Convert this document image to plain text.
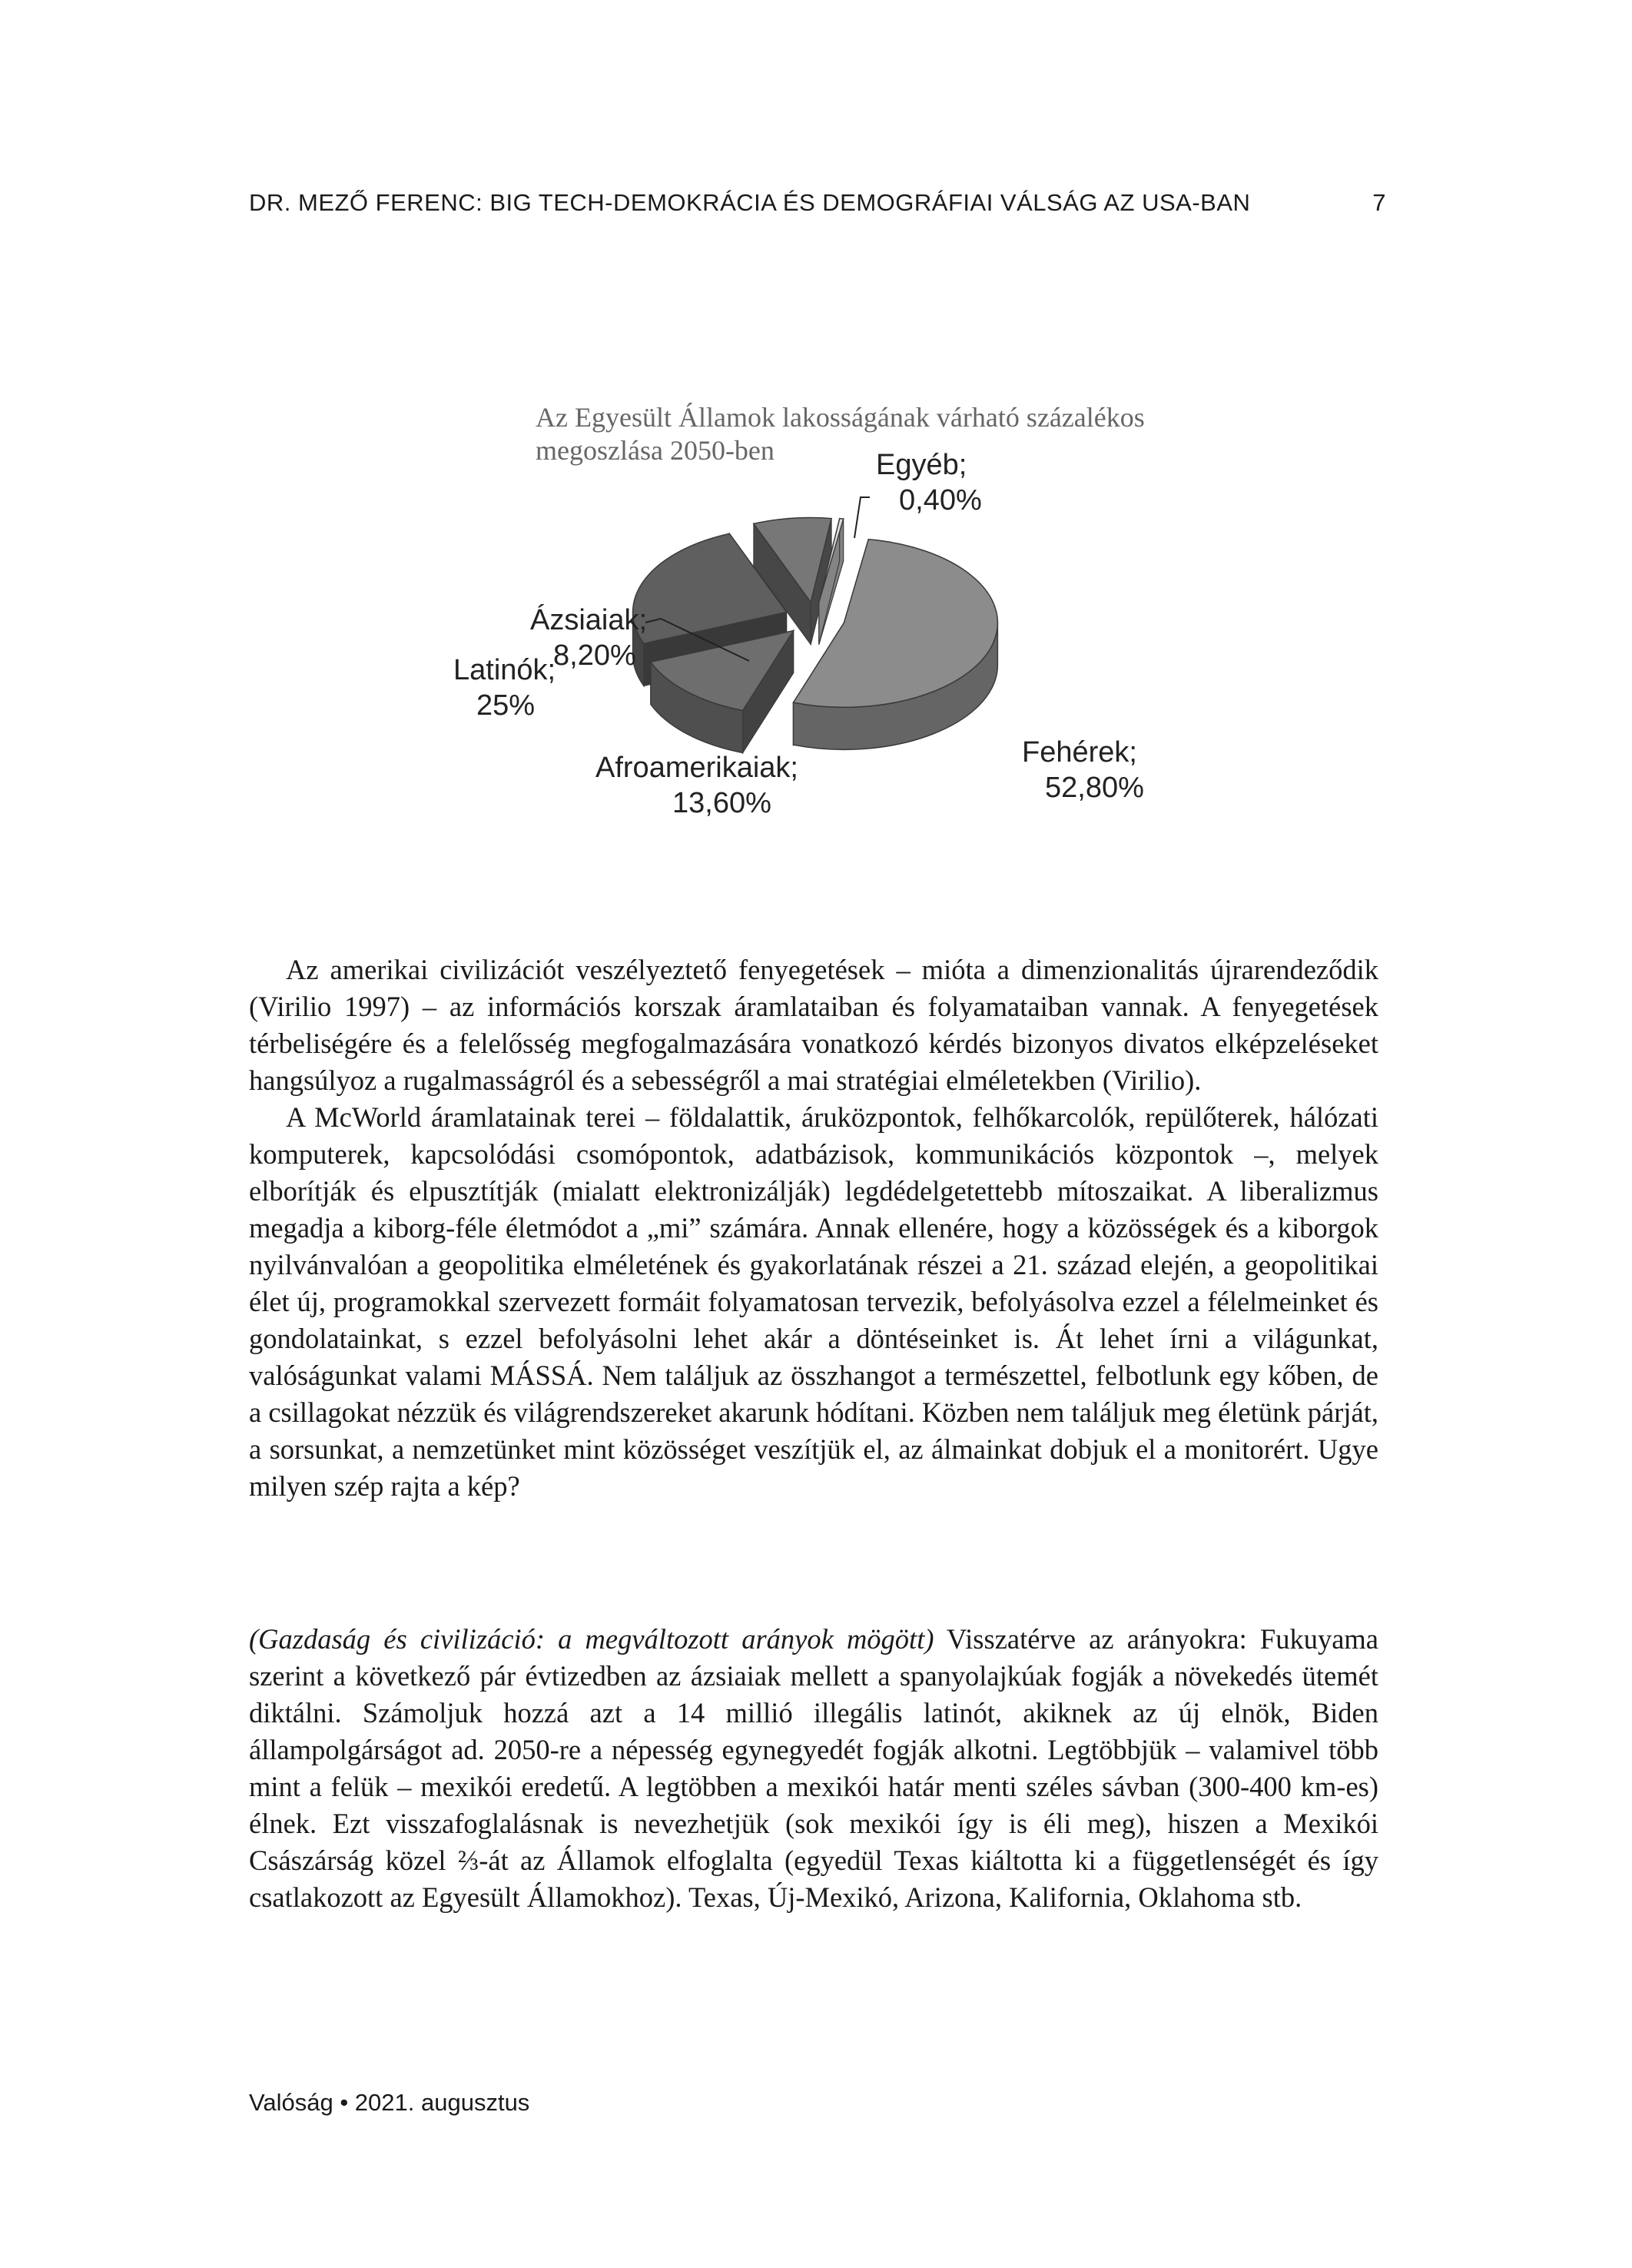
DR. MEZŐ FERENC: BIG TECH-DEMOKRÁCIA ÉS DEMOGRÁFIAI VÁLSÁG AZ USA-BAN	7
Az Egyesült Államok lakosságának várható százalékos
megoszlása 2050-ben
Fehérek; 52,80%
Afroamerikaiak; 13,60%
Latinók; 25%
Ázsiaiak; 8,20%
Egyéb; 0,40%

Az amerikai civilizációt veszélyeztető fenyegetések – mióta a dimenzionalitás újrarendeződik (Virilio 1997) – az információs korszak áramlataiban és folyamataiban vannak. A fenyegetések térbeliségére és a felelősség megfogalmazására vonatkozó kérdés bizonyos divatos elképzeléseket hangsúlyoz a rugalmasságról és a sebességről a mai stratégiai elméletekben (Virilio).

A McWorld áramlatainak terei – földalattik, áruközpontok, felhőkarcolók, repülőterek, hálózati komputerek, kapcsolódási csomópontok, adatbázisok, kommunikációs központok –, melyek elborítják és elpusztítják (mialatt elektronizálják) legdédelgetettebb mítoszaikat. A liberalizmus megadja a kiborg-féle életmódot a „mi” számára. Annak ellenére, hogy a közösségek és a kiborgok nyilvánvalóan a geopolitika elméletének és gyakorlatának részei a 21. század elején, a geopolitikai élet új, programokkal szervezett formáit folyamatosan tervezik, befolyásolva ezzel a félelmeinket és gondolatainkat, s ezzel befolyásolni lehet akár a döntéseinket is. Át lehet írni a világunkat, valóságunkat valami MÁSSÁ. Nem találjuk az összhangot a természettel, felbotlunk egy kőben, de a csillagokat nézzük és világrendszereket akarunk hódítani. Közben nem találjuk meg életünk párját, a sorsunkat, a nemzetünket mint közösséget veszítjük el, az álmainkat dobjuk el a monitorért. Ugye milyen szép rajta a kép?

(Gazdaság és civilizáció: a megváltozott arányok mögött) Visszatérve az arányokra: Fukuyama szerint a következő pár évtizedben az ázsiaiak mellett a spanyolajkúak fogják a növekedés ütemét diktálni. Számoljuk hozzá azt a 14 millió illegális latinót, akiknek az új elnök, Biden állampolgárságot ad. 2050-re a népesség egynegyedét fogják alkotni. Legtöbbjük – valamivel több mint a felük – mexikói eredetű. A legtöbben a mexikói határ menti széles sávban (300-400 km-es) élnek. Ezt visszafoglalásnak is nevezhetjük (sok mexikói így is éli meg), hiszen a Mexikói Császárság közel ⅔-át az Államok elfoglalta (egyedül Texas kiáltotta ki a függetlenségét és így csatlakozott az Egyesült Államokhoz). Texas, Új-Mexikó, Arizona, Kalifornia, Oklahoma stb.

Valóság • 2021. augusztus
